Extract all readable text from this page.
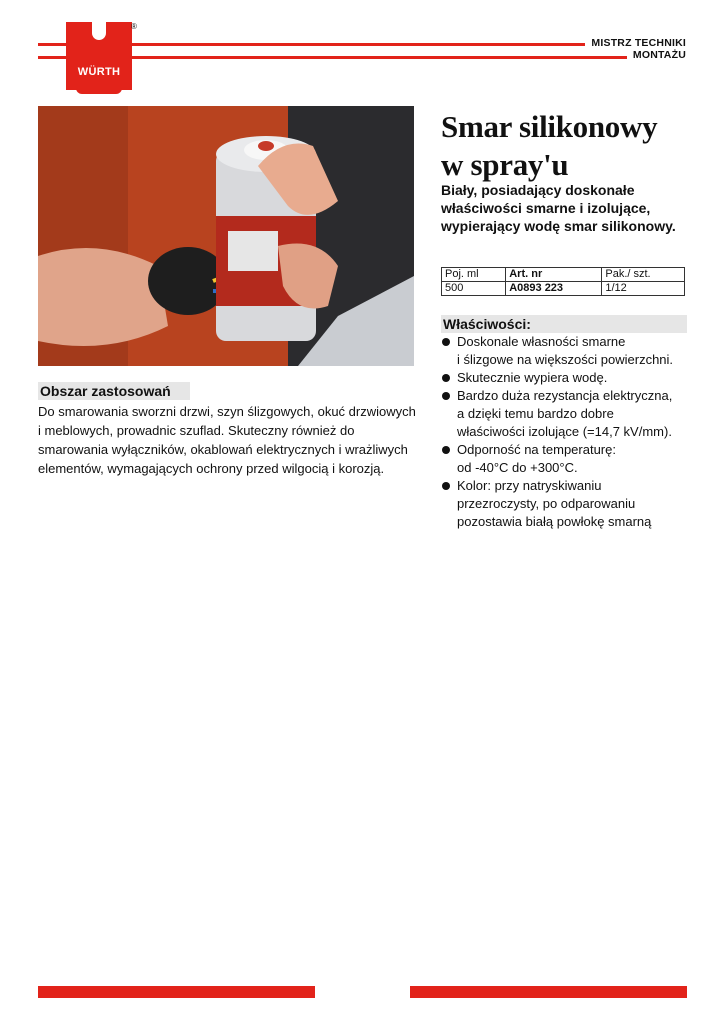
WÜRTH
®
MISTRZ TECHNIKI
MONTAŻU
Smar silikonowy
w spray'u
Biały, posiadający doskonałe właściwości smarne i izolujące, wypierający wodę smar silikonowy.
Poj. ml	Art. nr	Pak./ szt.
500	A0893 223	1/12
Właściwości:
Doskonale własności smarne
i ślizgowe na większości powierzchni.
Skutecznie wypiera wodę.
Bardzo duża rezystancja elektryczna,
a dzięki temu bardzo dobre
właściwości izolujące (=14,7 kV/mm).
Odporność na temperaturę:
od -40°C do +300°C.
Kolor: przy natryskiwaniu
przezroczysty, po odparowaniu
pozostawia białą powłokę smarną
Obszar zastosowań
Do smarowania sworzni drzwi, szyn ślizgowych, okuć drzwiowych i meblowych, prowadnic szuflad. Skuteczny również do smarowania wyłączników, okablowań elektrycznych i wrażliwych elementów, wymagających ochrony przed wilgocią i korozją.
